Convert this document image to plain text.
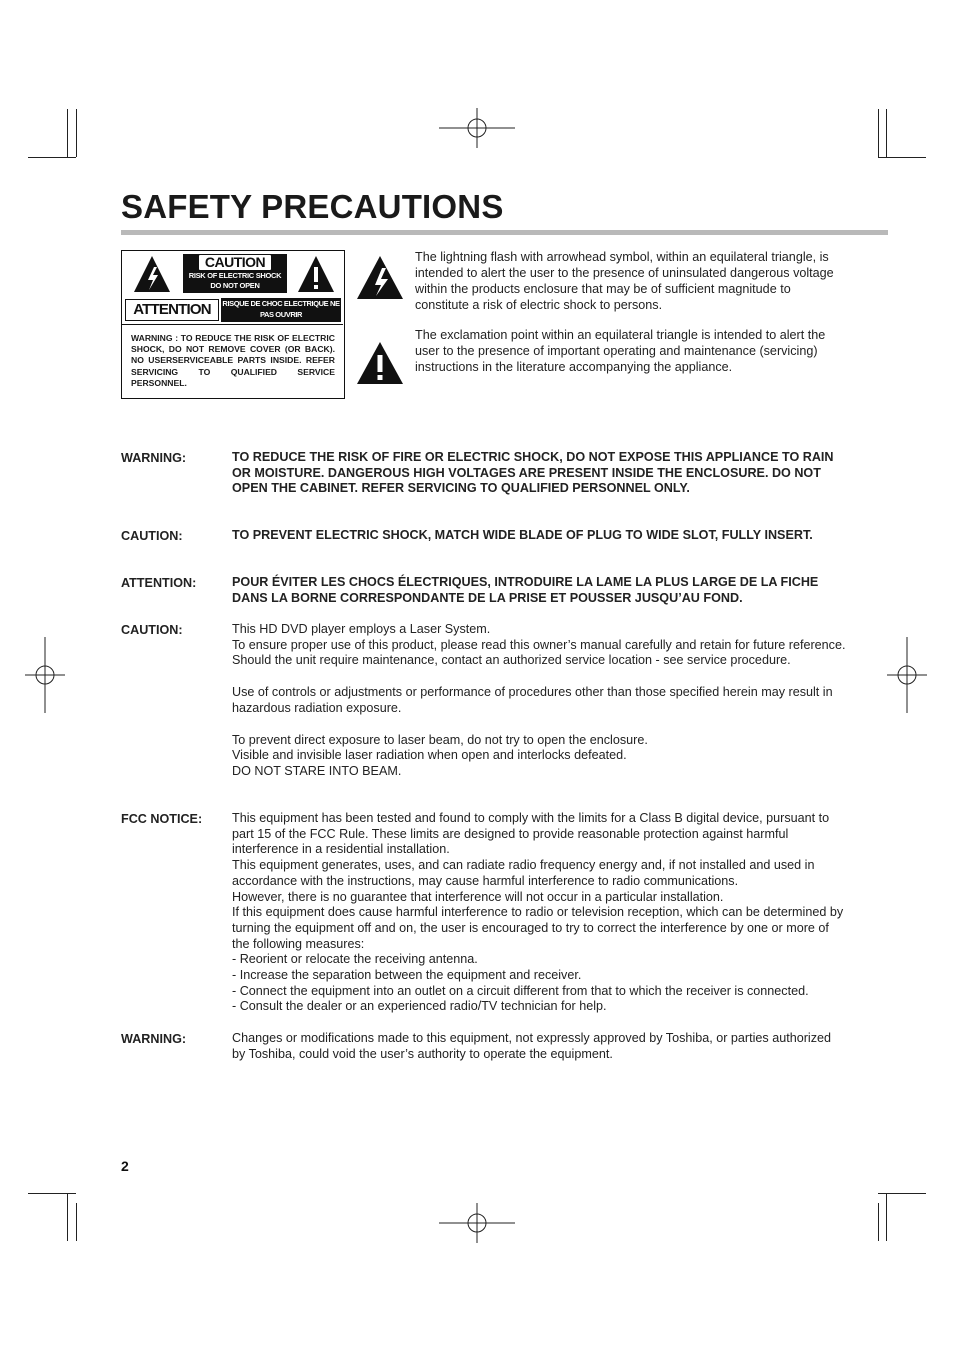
SAFETY PRECAUTIONS
CAUTION
RISK OF ELECTRIC SHOCK
DO NOT OPEN
ATTENTION	RISQUE DE CHOC ELECTRIQUE NE
PAS OUVRIR
WARNING : TO REDUCE THE RISK OF ELECTRIC SHOCK, DO NOT REMOVE COVER (OR BACK). NO USERSERVICEABLE PARTS INSIDE. REFER SERVICING TO QUALIFIED SERVICE PERSONNEL.
The lightning flash with arrowhead symbol, within an equilateral triangle, is intended to alert the user to the presence of uninsulated dangerous voltage within the products enclosure that may be of sufficient magnitude to constitute a risk of electric shock to persons.
The exclamation point within an equilateral triangle is intended to alert the user to the presence of important operating and maintenance (servicing) instructions in the literature accompanying the appliance.
WARNING:	TO REDUCE THE RISK OF FIRE OR ELECTRIC SHOCK, DO NOT EXPOSE THIS APPLIANCE TO RAIN OR MOISTURE. DANGEROUS HIGH VOLTAGES ARE PRESENT INSIDE THE ENCLOSURE. DO NOT OPEN THE CABINET. REFER SERVICING TO QUALIFIED PERSONNEL ONLY.
CAUTION:	TO PREVENT ELECTRIC SHOCK, MATCH WIDE BLADE OF PLUG TO WIDE SLOT, FULLY INSERT.
ATTENTION:	POUR ÉVITER LES CHOCS ÉLECTRIQUES, INTRODUIRE LA LAME LA PLUS LARGE DE LA FICHE DANS LA BORNE CORRESPONDANTE DE LA PRISE ET POUSSER JUSQU’AU FOND.
CAUTION:	This HD DVD player employs a Laser System.

To ensure proper use of this product, please read this owner’s manual carefully and retain for future reference. Should the unit require maintenance, contact an authorized service location - see service procedure.

Use of controls or adjustments or performance of procedures other than those specified herein may result in hazardous radiation exposure.

To prevent direct exposure to laser beam, do not try to open the enclosure.

Visible and invisible laser radiation when open and interlocks defeated.

DO NOT STARE INTO BEAM.

FCC NOTICE: This equipment has been tested and found to comply with the limits for a Class B digital device, pursuant to part 15 of the FCC Rule. These limits are designed to provide reasonable protection against harmful interference in a residential installation.

This equipment generates, uses, and can radiate radio frequency energy and, if not installed and used in accordance with the instructions, may cause harmful interference to radio communications.

However, there is no guarantee that interference will not occur in a particular installation.

If this equipment does cause harmful interference to radio or television reception, which can be determined by turning the equipment off and on, the user is encouraged to try to correct the interference by one or more of the following measures:

- Reorient or relocate the receiving antenna.

- Increase the separation between the equipment and receiver.

- Connect the equipment into an outlet on a circuit different from that to which the receiver is connected.

- Consult the dealer or an experienced radio/TV technician for help.

WARNING:	Changes or modifications made to this equipment, not expressly approved by Toshiba, or parties authorized by Toshiba, could void the user’s authority to operate the equipment.
2
